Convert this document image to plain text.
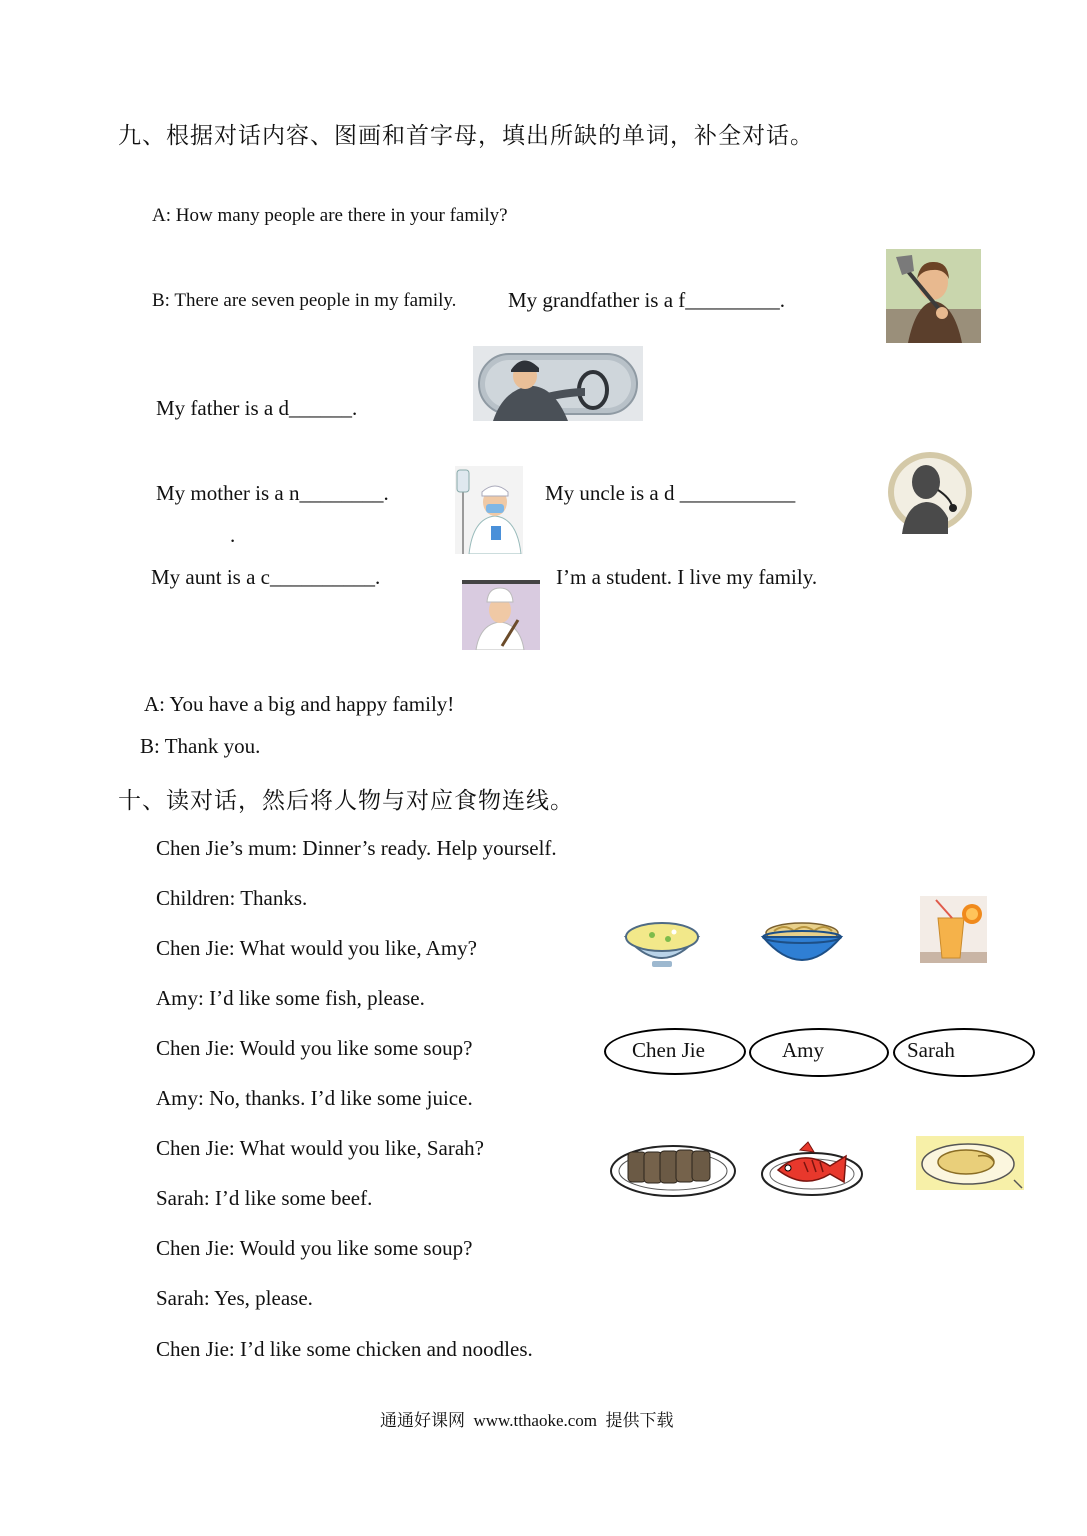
九、根据对话内容、图画和首字母，填出所缺的单词，补全对话。
A: How many people are there in your family?
B: There are seven people in my family. My grandfather is a f_________.
My father is a d______.
My mother is a n________.	My uncle is a d ___________
.
My aunt is a c__________.	I’m a student. I live my family.
A: You have a big and happy family!
B: Thank you.
十、读对话，然后将人物与对应食物连线。
Chen Jie’s mum: Dinner’s ready. Help yourself.
Children: Thanks.
Chen Jie: What would you like, Amy?
Amy: I’d like some fish, please.
Chen Jie: Would you like some soup?
Amy: No, thanks. I’d like some juice.
Chen Jie: What would you like, Sarah?
Sarah: I’d like some beef.
Chen Jie: Would you like some soup?
Sarah: Yes, please.
Chen Jie: I’d like some chicken and noodles.
Chen Jie	Amy	Sarah
通通好课网  www.tthaoke.com  提供下载
